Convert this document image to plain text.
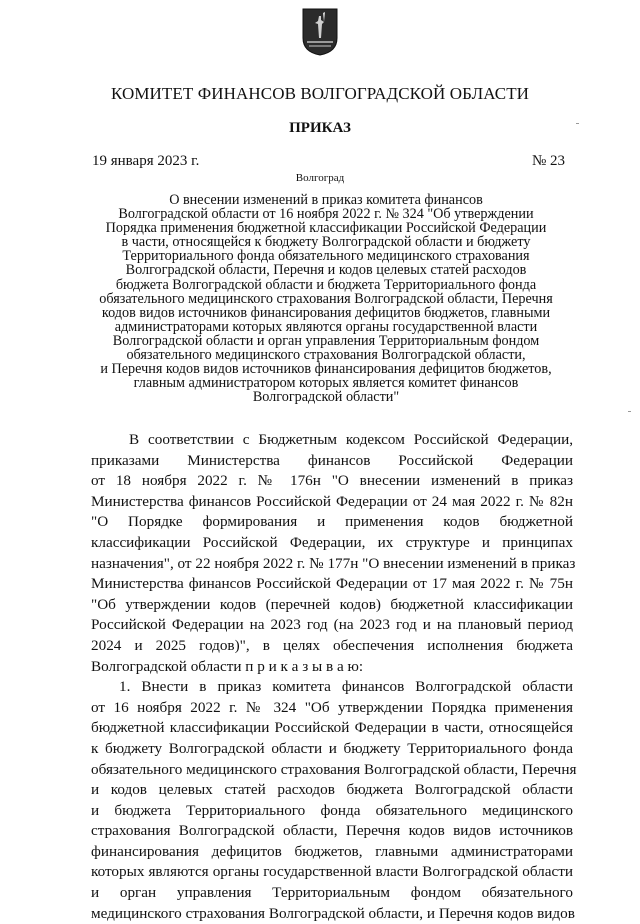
КОМИТЕТ ФИНАНСОВ ВОЛГОГРАДСКОЙ ОБЛАСТИ
ПРИКАЗ
19 января 2023 г.	№ 23
Волгоград
О внесении изменений в приказ комитета финансов
Волгоградской области от 16 ноября 2022 г. № 324 "Об утверждении
Порядка применения бюджетной классификации Российской Федерации
в части, относящейся к бюджету Волгоградской области и бюджету
Территориального фонда обязательного медицинского страхования
Волгоградской области, Перечня и кодов целевых статей расходов
бюджета Волгоградской области и бюджета Территориального фонда
обязательного медицинского страхования Волгоградской области, Перечня
кодов видов источников финансирования дефицитов бюджетов, главными
администраторами которых являются органы государственной власти
Волгоградской области и орган управления Территориальным фондом
обязательного медицинского страхования Волгоградской области,
и Перечня кодов видов источников финансирования дефицитов бюджетов,
главным администратором которых является комитет финансов
Волгоградской области"
В соответствии с Бюджетным кодексом Российской Федерации,
приказами Министерства финансов Российской Федерации
от 18 ноября 2022 г. № 176н "О внесении изменений в приказ
Министерства финансов Российской Федерации от 24 мая 2022 г. № 82н
"О Порядке формирования и применения кодов бюджетной
классификации Российской Федерации, их структуре и принципах
назначения", от 22 ноября 2022 г. № 177н "О внесении изменений в приказ
Министерства финансов Российской Федерации от 17 мая 2022 г. № 75н
"Об утверждении кодов (перечней кодов) бюджетной классификации
Российской Федерации на 2023 год (на 2023 год и на плановый период
2024 и 2025 годов)", в целях обеспечения исполнения бюджета
Волгоградской области п р и к а з ы в а ю:
1. Внести в приказ комитета финансов Волгоградской области
от 16 ноября 2022 г. № 324 "Об утверждении Порядка применения
бюджетной классификации Российской Федерации в части, относящейся
к бюджету Волгоградской области и бюджету Территориального фонда
обязательного медицинского страхования Волгоградской области, Перечня
и кодов целевых статей расходов бюджета Волгоградской области
и бюджета Территориального фонда обязательного медицинского
страхования Волгоградской области, Перечня кодов видов источников
финансирования дефицитов бюджетов, главными администраторами
которых являются органы государственной власти Волгоградской области
и орган управления Территориальным фондом обязательного
медицинского страхования Волгоградской области, и Перечня кодов видов
